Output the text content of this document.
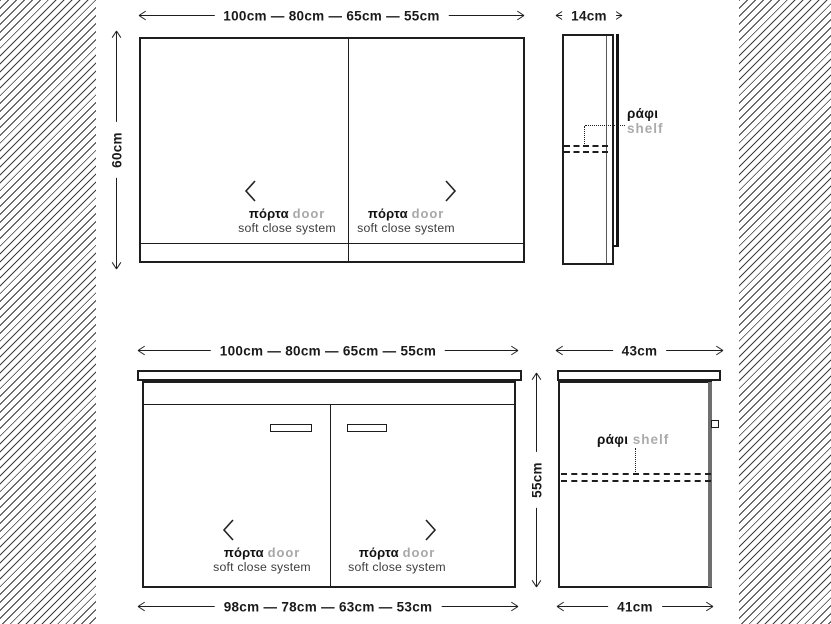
100cm — 80cm — 65cm — 55cm
60cm
πόρτα door
soft close system
πόρτα door
soft close system
14cm
ράφι
shelf
100cm — 80cm — 65cm — 55cm
πόρτα door
soft close system
πόρτα door
soft close system
98cm — 78cm — 63cm — 53cm
55cm
43cm
ράφι shelf
41cm
